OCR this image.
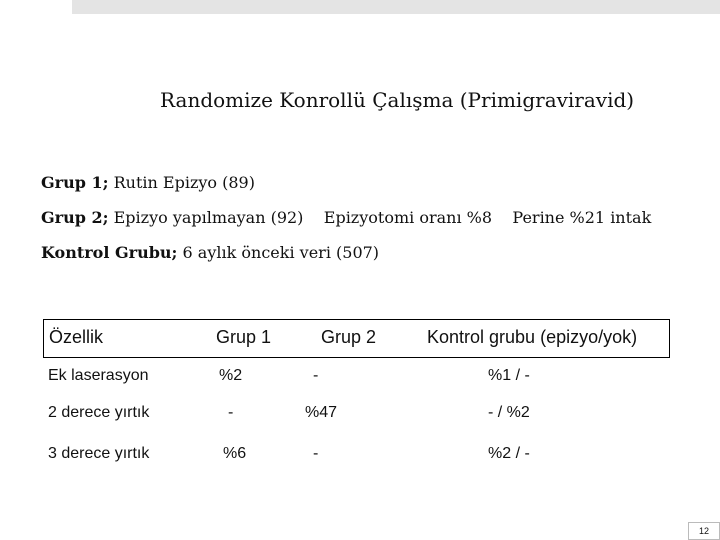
Randomize Konrollü Çalışma (Primigraviravid)
Grup 1; Rutin Epizyo (89)
Grup 2; Epizyo yapılmayan (92)    Epizyotomi oranı %8    Perine %21 intak
Kontrol Grubu; 6 aylık önceki veri (507)
Özellik	Grup 1	Grup 2	Kontrol grubu (epizyo/yok)
Ek laserasyon	%2	-	%1 / -
2 derece yırtık	-	%47	- / %2
3 derece yırtık	%6	-	%2 / -
12
